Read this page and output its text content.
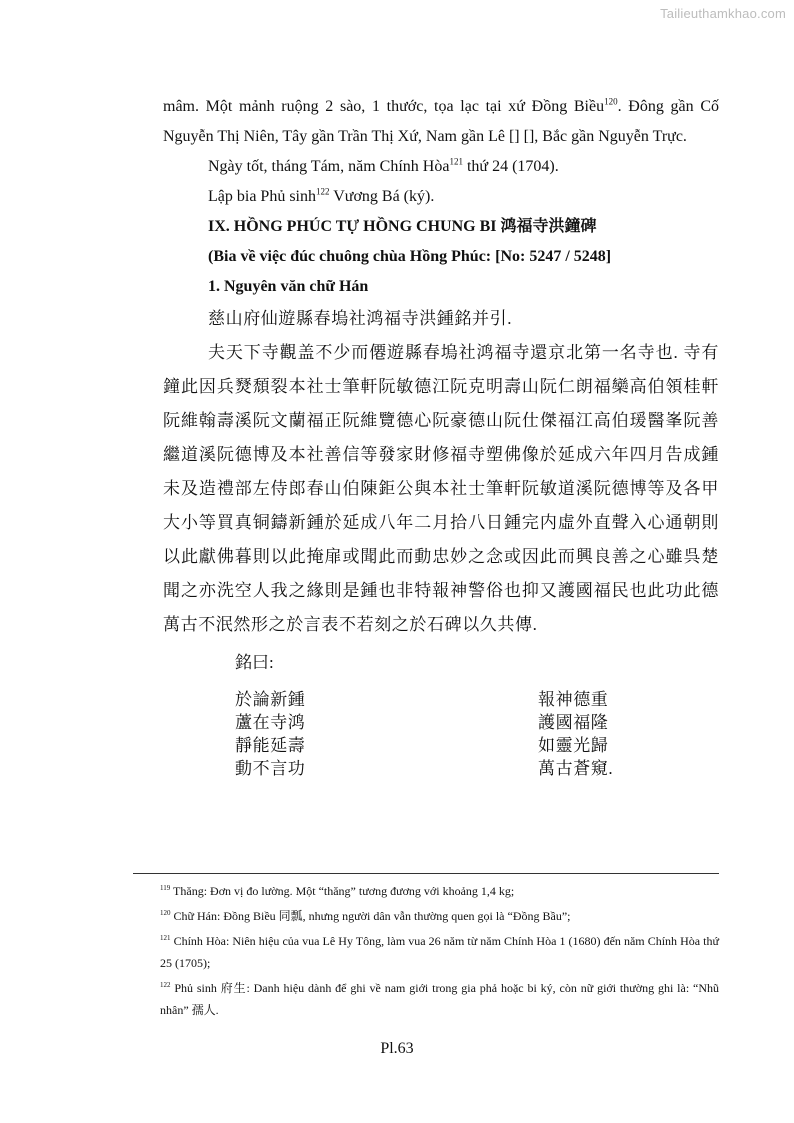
Tailieuthamkhao.com

mâm. Một mảnh ruộng 2 sào, 1 thước, tọa lạc tại xứ Đồng Biều$^{120}$. Đông gần Cố Nguyễn Thị Niên, Tây gần Trần Thị Xứ, Nam gần Lê [] [], Bắc gần Nguyễn Trực.

Ngày tốt, tháng Tám, năm Chính Hòa$^{121}$ thứ 24 (1704).

Lập bia Phủ $\sinh^{122}$ Vương Bá (ký).

IX. HỒNG PHÚC TỰ HỒNG CHUNG BI 鸿福寺洪鐘碑
(Bia về việc đúc chuông chùa Hồng Phúc: [No: 5247 / 5248]
1. Nguyên văn chữ Hán

慈山府仙遊縣春塢社鸿福寺洪鍾銘并引.

夫天下寺觀盖不少而僊遊縣春塢社鸿福寺還京北第一名寺也. 寺有鐘此因兵燹頹裂本社士筆軒阮敏德江阮克明壽山阮仁朗福欒高伯領桂軒阮維翰壽溪阮文蘭福正阮維覽德心阮豪德山阮仕傑福江高伯瑗醫峯阮善繼道溪阮德博及本社善信等發家財修福寺塑佛像於延成六年四月告成鍾未及造禮部左侍郎春山伯陳鉅公與本社士筆軒阮敏道溪阮德博等及各甲大小等買真铜鑄新鍾於延成八年二月拾八日鍾完内虛外直聲入心通朝則以此獻佛暮則以此掩扉或聞此而動忠妙之念或因此而興良善之心雖呉楚聞之亦洗空人我之緣則是鍾也非特報神警俗也抑又護國福民也此功此德萬古不泯然形之於言表不若刻之於石碑以久共傳.

銘曰:
於論新鍾
蘆在寺鸿
靜能延壽
動不言功
報神德重
護國福隆
如靈光歸
萬古蒼窺.

$^{119}$ Thăng: Đơn vị đo lường. Một “thăng” tương đương với khoảng 1,4 kg;

$^{120}$ Chữ Hán: Đồng Biều 同瓢, nhưng người dân vẫn thường quen gọi là “Đồng Bầu”;

$^{121}$ Chính Hòa: Niên hiệu của vua Lê Hy Tông, làm vua 26 năm từ năm Chính Hòa 1 (1680) đến năm Chính Hòa thứ 25 (1705);

$^{122}$ Phủ sinh 府生: Danh hiệu dành để ghi về nam giới trong gia phả hoặc bi ký, còn nữ giới thường ghi là: “Nhũ nhân” 孺人.

Pl.63
